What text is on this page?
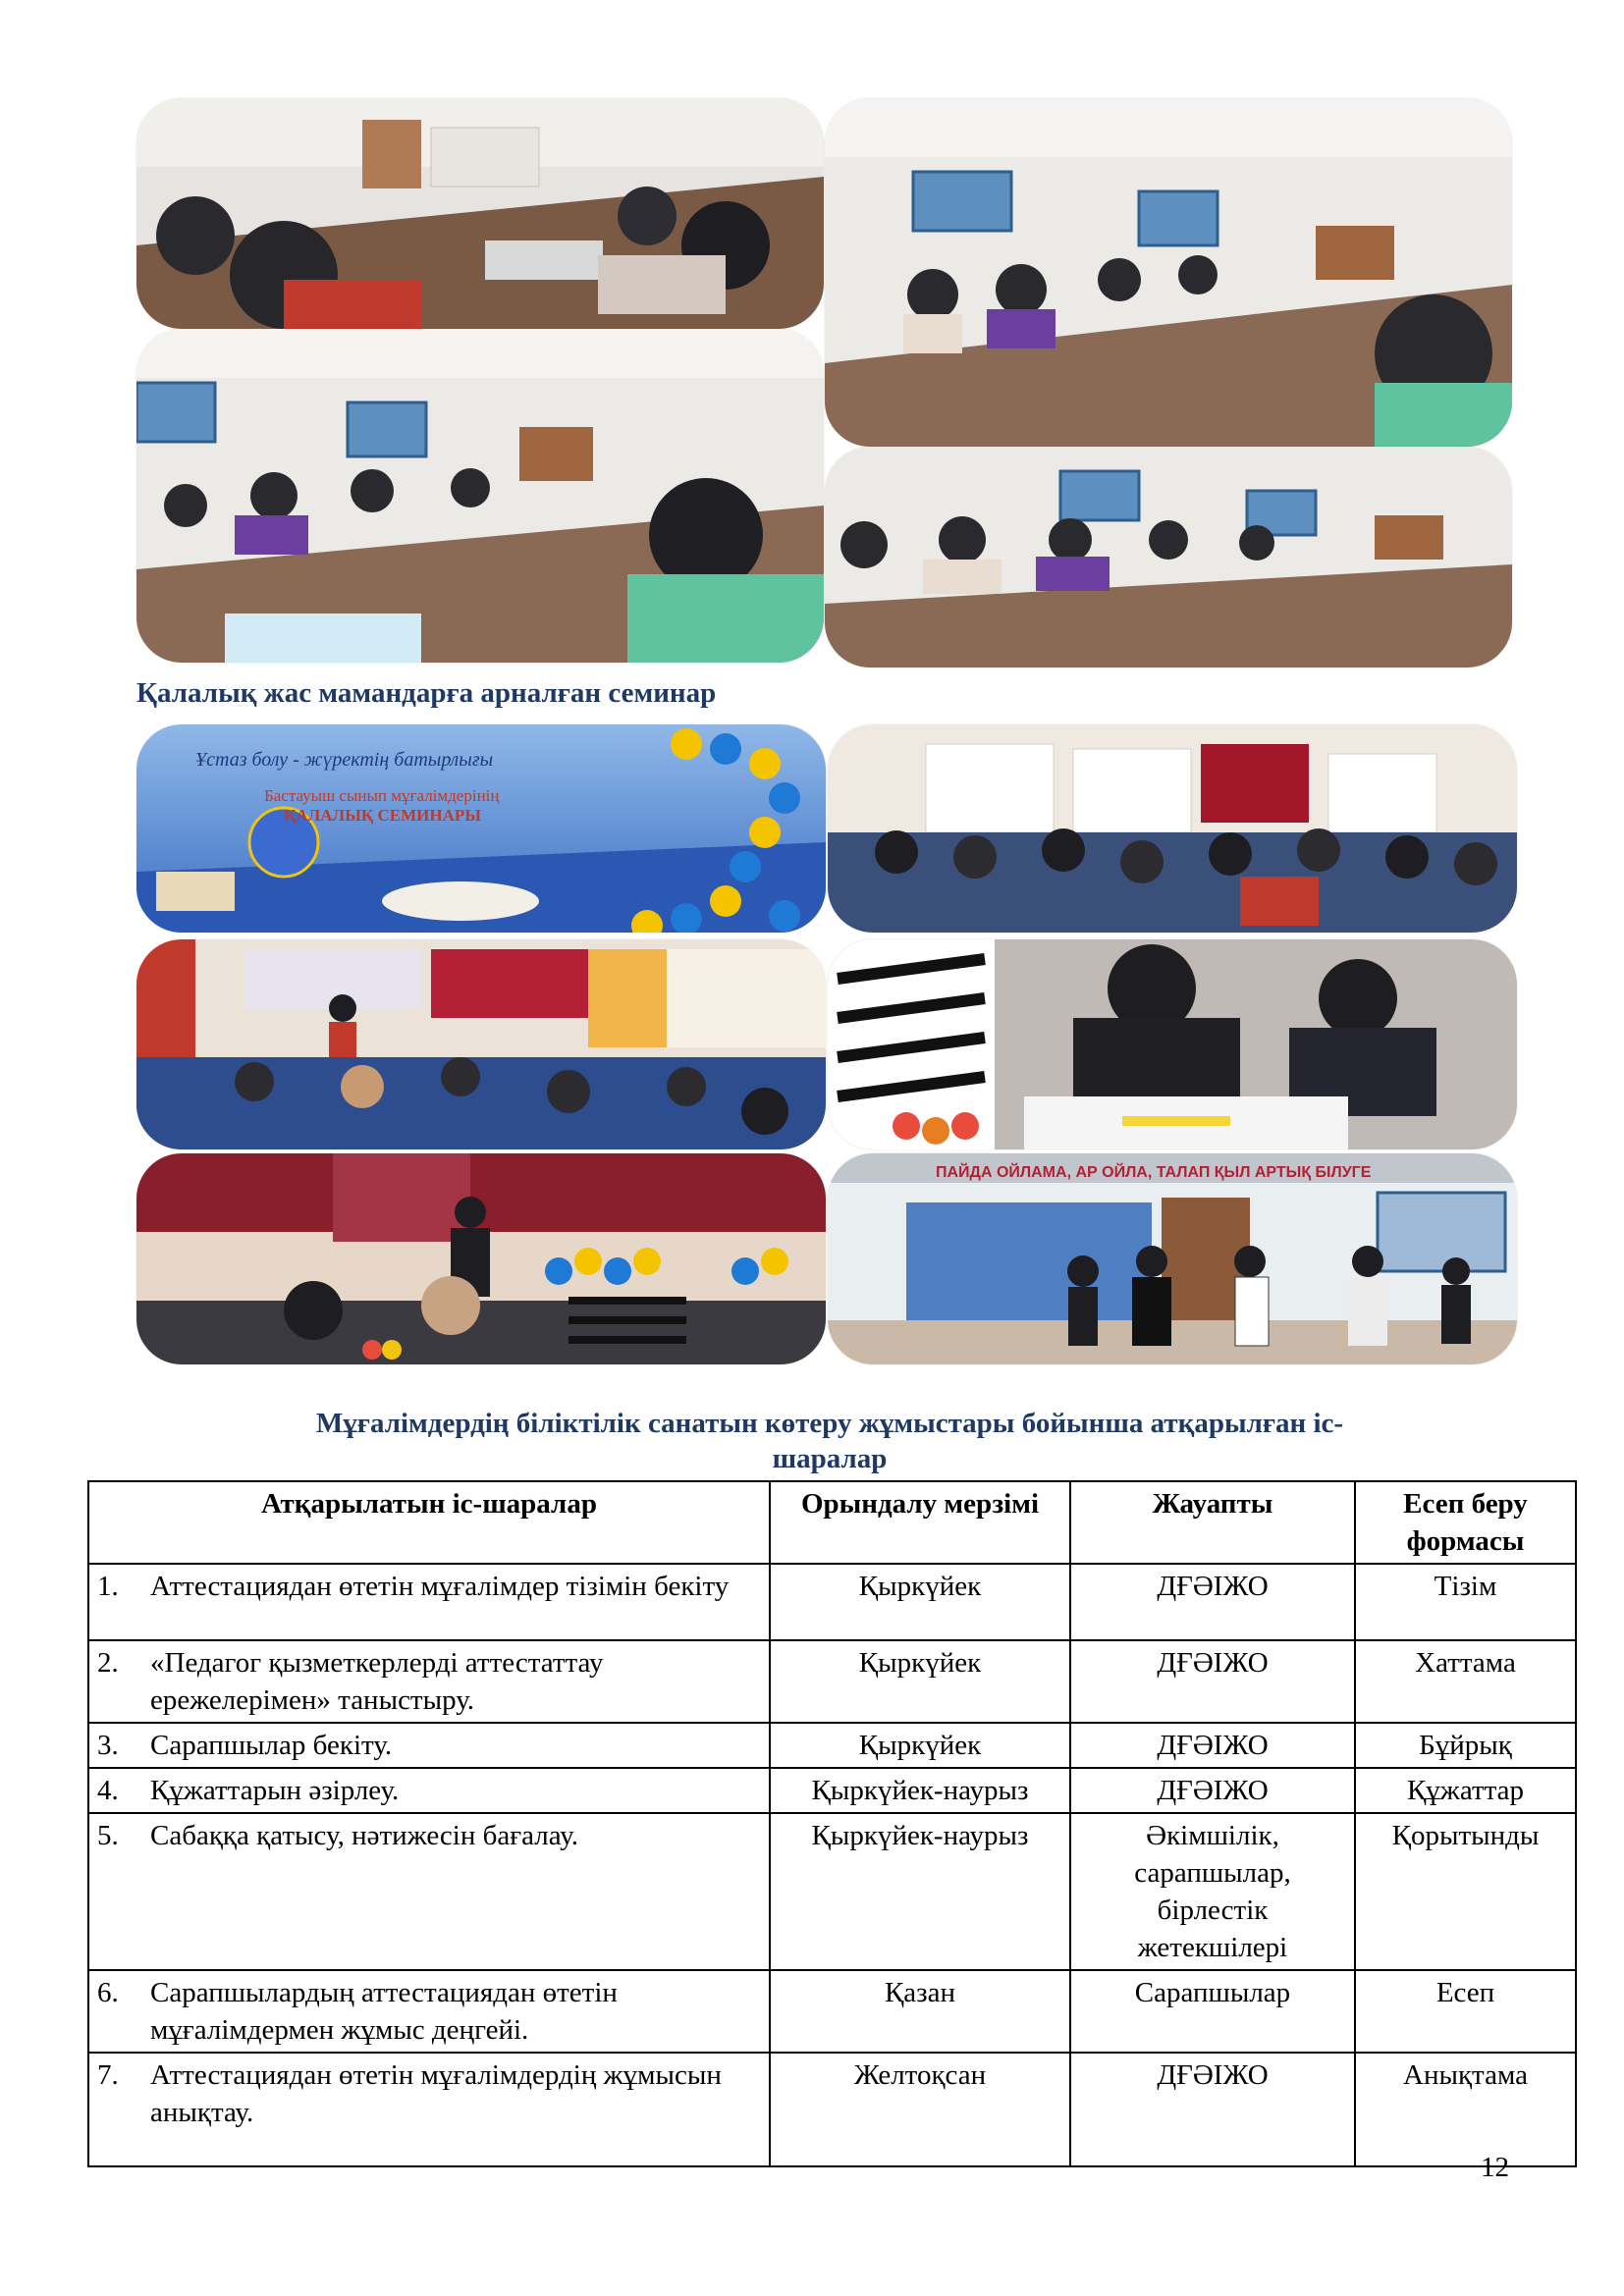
Қалалық жас мамандарға арналған семинар
Ұстаз болу - жүректің батырлығы
Бастауыш сынып мұғалімдерінің
ҚАЛАЛЫҚ СЕМИНАРЫ
ПАЙДА ОЙЛАМА, АР ОЙЛА, ТАЛАП ҚЫЛ АРТЫҚ БІЛУГЕ
Мұғалімдердің біліктілік санатын көтеру жұмыстары бойынша атқарылған іс-
шаралар
Атқарылатын іс-шаралар	Орындалу мерзімі	Жауапты	Есеп беру формасы

1. Аттестациядан өтетін мұғалімдер тізімін бекіту	Қыркүйек	ДҒӘІЖО	Тізім

2. «Педагог қызметкерлерді аттестаттау ережелерімен» таныстыру.	Қыркүйек	ДҒӘІЖО	Хаттама

3. Сарапшылар бекіту.	Қыркүйек	ДҒӘІЖО	Бұйрық

4. Құжаттарын әзірлеу.	Қыркүйек-наурыз	ДҒӘІЖО	Құжаттар

5. Сабаққа қатысу, нәтижесін бағалау.	Қыркүйек-наурыз	Әкімшілік, сарапшылар, бірлестік жетекшілері	Қорытынды

6. Сарапшылардың аттестациядан өтетін мұғалімдермен жұмыс деңгейі.	Қазан	Сарапшылар	Есеп

7. Аттестациядан өтетін мұғалімдердің жұмысын анықтау.	Желтоқсан	ДҒӘІЖО	Анықтама
12
